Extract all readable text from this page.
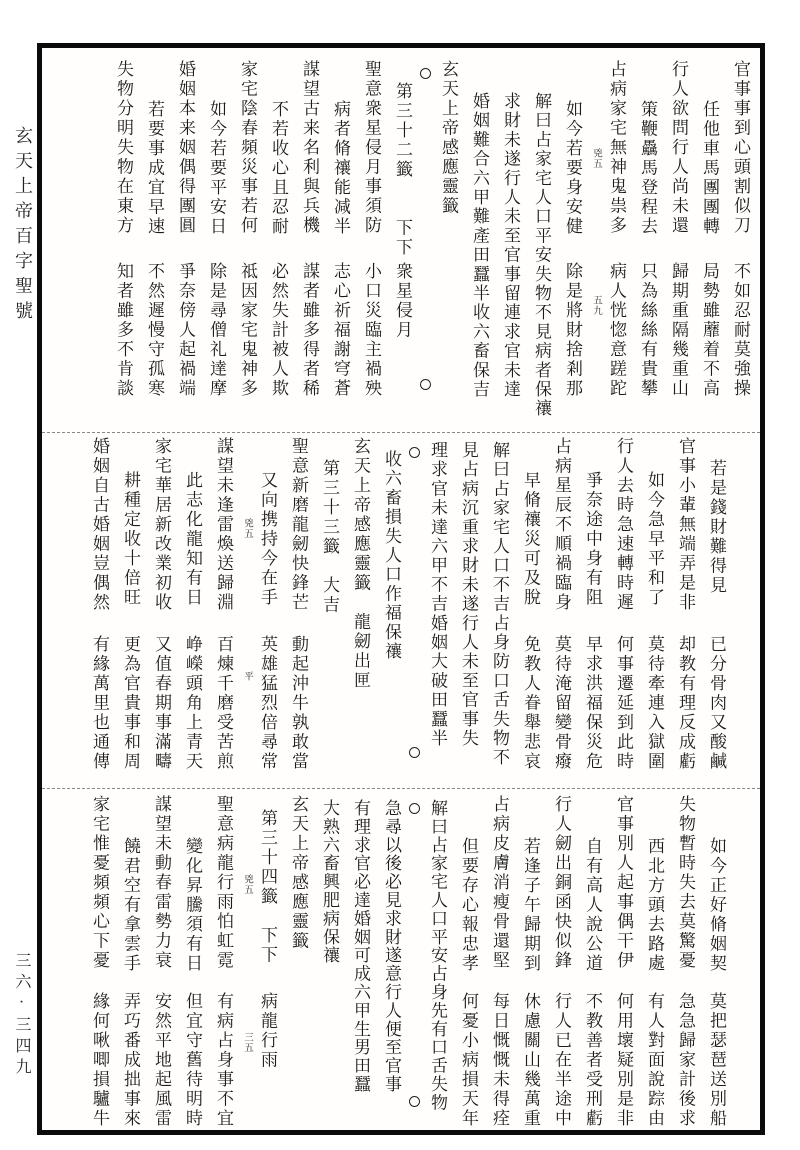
玄天上帝百字聖號
三六·三四九
官事事到心頭割似刀
不如忍耐莫強操
任他車馬團團轉
局勢雖蘼着不高
行人欲問行人尚未還
歸期重隔幾重山
策鞭驫馬登程去
只為絲絲有貴攀
占病家宅無神鬼祟多
病人恍惚意蹉跎
兇五
五九
如今若要身安健
除是將財捨剎那
解曰占家宅人口平安失物不見病者保禳
求財未遂行人未至官事留連求官未達
婚姻難合六甲難產田蠶半收六畜保吉
玄天上帝感應靈籤
第三十二籤　　下下
衆星侵月
聖意衆星侵月事須防
小口災臨主禍殃
病者脩禳能减半
志心祈福謝穹蒼
謀望古来名利與兵機
謀者雖多得者稀
不若收心且忍耐
必然失計被人欺
家宅陰春頻災事若何
祗因家宅鬼神多
如今若要平安日
除是尋僧礼達摩
婚姻本来姻偶得團圓
爭奈傍人起禍端
若要事成宜早速
不然遲慢守孤寒
失物分明失物在東方
知者雖多不肯談
若是錢財難得見
已分骨肉又酸鹹
官事小輩無端弄是非
却教有理反成虧
如今急早平和了
莫待牽連入獄圍
行人去時急速轉時遲
何事遷延到此時
爭奈途中身有阻
早求洪福保災危
占病星辰不順禍臨身
莫待淹留變骨癈
早脩禳災可及脫
免教人眷舉悲哀
解曰占家宅人口不吉占身防口舌失物不
見占病沉重求財未遂行人未至官事失
理求官未達六甲不吉婚姻大破田蠶半
收六畜損失人口作福保禳
玄天上帝感應靈籤　龍劒出匣
第三十三籤　大吉
聖意新磨龍劒快鋒芒
動起沖牛孰敢當
又向携持今在手
英雄猛烈倍尋常
兇五
平
謀望未逢雷煥送歸淵
百煉千磨受苦煎
此志化龍知有日
峥嶸頭角上青天
家宅華居新改業初收
又值春期事滿疇
耕種定收十倍旺
更為官貴事和周
婚姻自古婚姻豈偶然
有緣萬里也通傳
如今正好脩姻契
莫把瑟琶送別船
失物暫時失去莫驚憂
急急歸家計後求
西北方頭去路處
有人對面說踪由
官事別人起事偶干伊
何用壞疑別是非
自有高人說公道
不教善者受刑虧
行人劒出銅函快似鋒
行人已在半途中
若逢子午歸期到
休慮關山幾萬重
占病皮膚消瘦骨還堅
每日慨慨未得痊
但要存心報忠孝
何憂小病損天年
解曰占家宅人口平安占身先有口舌失物
急尋以後必見求財遂意行人便至官事
有理求官必達婚姻可成六甲生男田蠶
大熟六畜興肥病保禳
玄天上帝感應靈籤
第三十四籤　下下
病龍行雨
兇五
三五
聖意病龍行雨怕虹霓
有病占身事不宜
變化昇騰須有日
但宜守舊待明時
謀望未動春雷勢力衰
安然平地起風雷
饒君空有拿雲手
弄巧番成拙事來
家宅惟憂頻頻心下憂
緣何啾唧損驢牛
